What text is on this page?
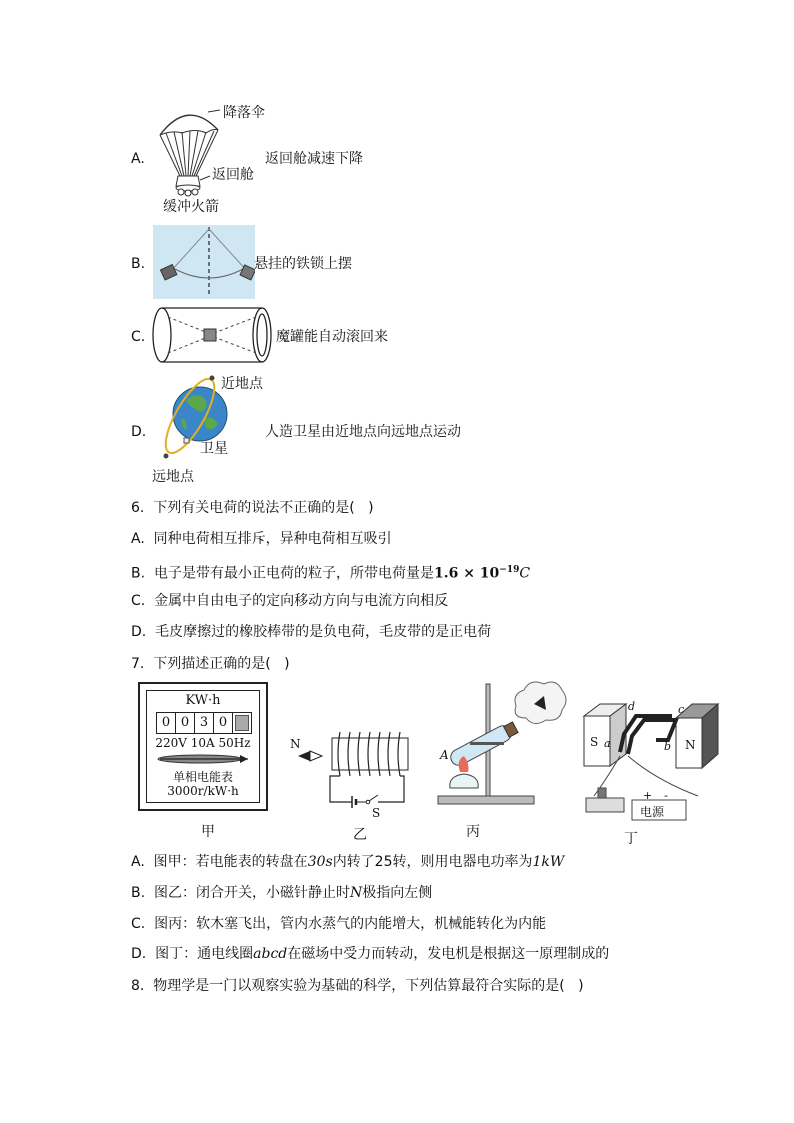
A.
降落伞
返回舱
缓冲火箭
返回舱减速下降
B.	悬挂的铁锁上摆
C.	魔罐能自动滚回来
D.
近地点
卫星
远地点
人造卫星由近地点向远地点运动
6.  下列有关电荷的说法不正确的是(   )
A.  同种电荷相互排斥，异种电荷相互吸引
B.  电子是带有最小正电荷的粒子，所带电荷量是$1.6 \times 10^{-19}C$
C.  金属中自由电子的定向移动方向与电流方向相反
D.  毛皮摩擦过的橡胶棒带的是负电荷，毛皮带的是正电荷
7.  下列描述正确的是(   )
KW·h
0 0 3 0
220V 10A 50Hz
单相电能表
3000r/kW·h
N
S
A
S	N
a	b
c
d
+ -
电源
甲	乙	丙	丁
A.  图甲：若电能表的转盘在30s内转了25转，则用电器电功率为1kW
B.  图乙：闭合开关，小磁针静止时N极指向左侧
C.  图丙：软木塞飞出，管内水蒸气的内能增大，机械能转化为内能
D.  图丁：通电线圈abcd在磁场中受力而转动，发电机是根据这一原理制成的
8.  物理学是一门以观察实验为基础的科学，下列估算最符合实际的是(   )
